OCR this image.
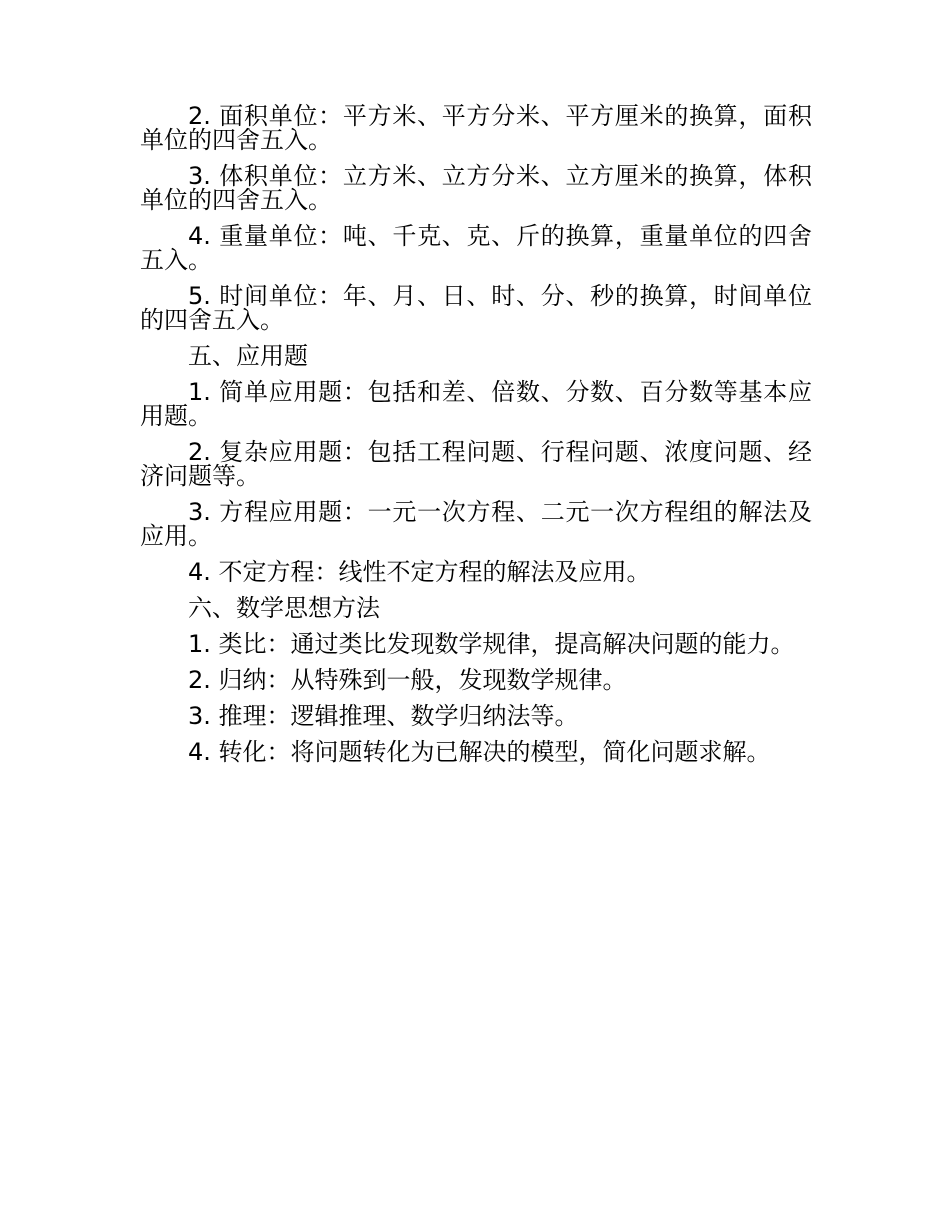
2. 面积单位：平方米、平方分米、平方厘米的换算，面积单位的四舍五入。

3. 体积单位：立方米、立方分米、立方厘米的换算，体积单位的四舍五入。

4. 重量单位：吨、千克、克、斤的换算，重量单位的四舍五入。

5. 时间单位：年、月、日、时、分、秒的换算，时间单位的四舍五入。

五、应用题

1. 简单应用题：包括和差、倍数、分数、百分数等基本应用题。

2. 复杂应用题：包括工程问题、行程问题、浓度问题、经济问题等。

3. 方程应用题：一元一次方程、二元一次方程组的解法及应用。

4. 不定方程：线性不定方程的解法及应用。

六、数学思想方法

1. 类比：通过类比发现数学规律，提高解决问题的能力。

2. 归纳：从特殊到一般，发现数学规律。

3. 推理：逻辑推理、数学归纳法等。

4. 转化：将问题转化为已解决的模型，简化问题求解。
